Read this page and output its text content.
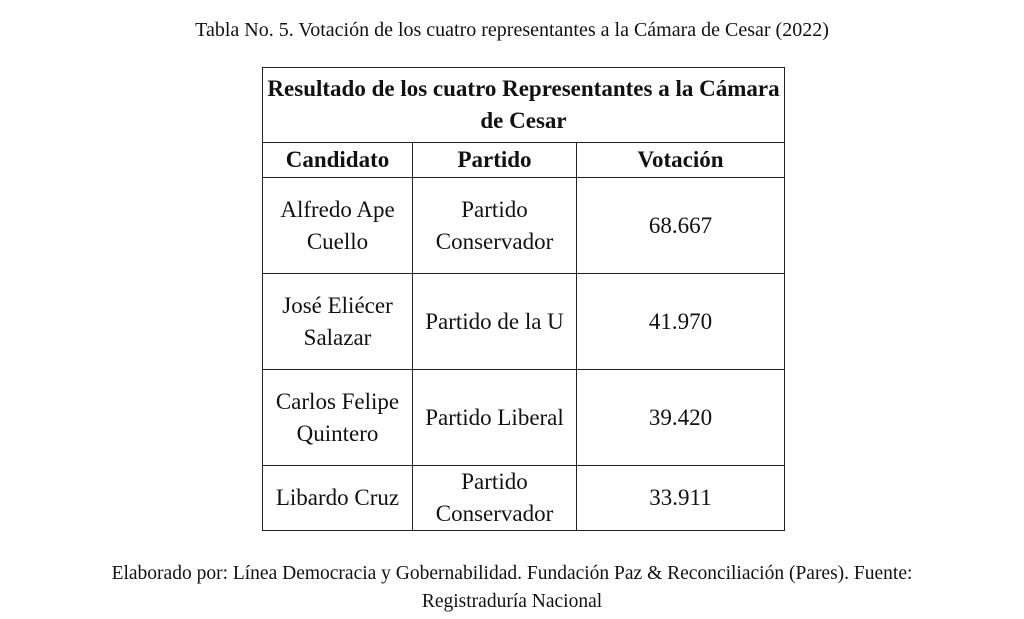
Tabla No. 5. Votación de los cuatro representantes a la Cámara de Cesar (2022)
Resultado de los cuatro Representantes a la Cámara de Cesar		
Candidato	Partido	Votación
Alfredo Ape Cuello	Partido Conservador	68.667
José Eliécer Salazar	Partido de la U	41.970
Carlos Felipe Quintero	Partido Liberal	39.420
Libardo Cruz	Partido Conservador	33.911
Elaborado por: Línea Democracia y Gobernabilidad. Fundación Paz & Reconciliación (Pares). Fuente:
Registraduría Nacional
